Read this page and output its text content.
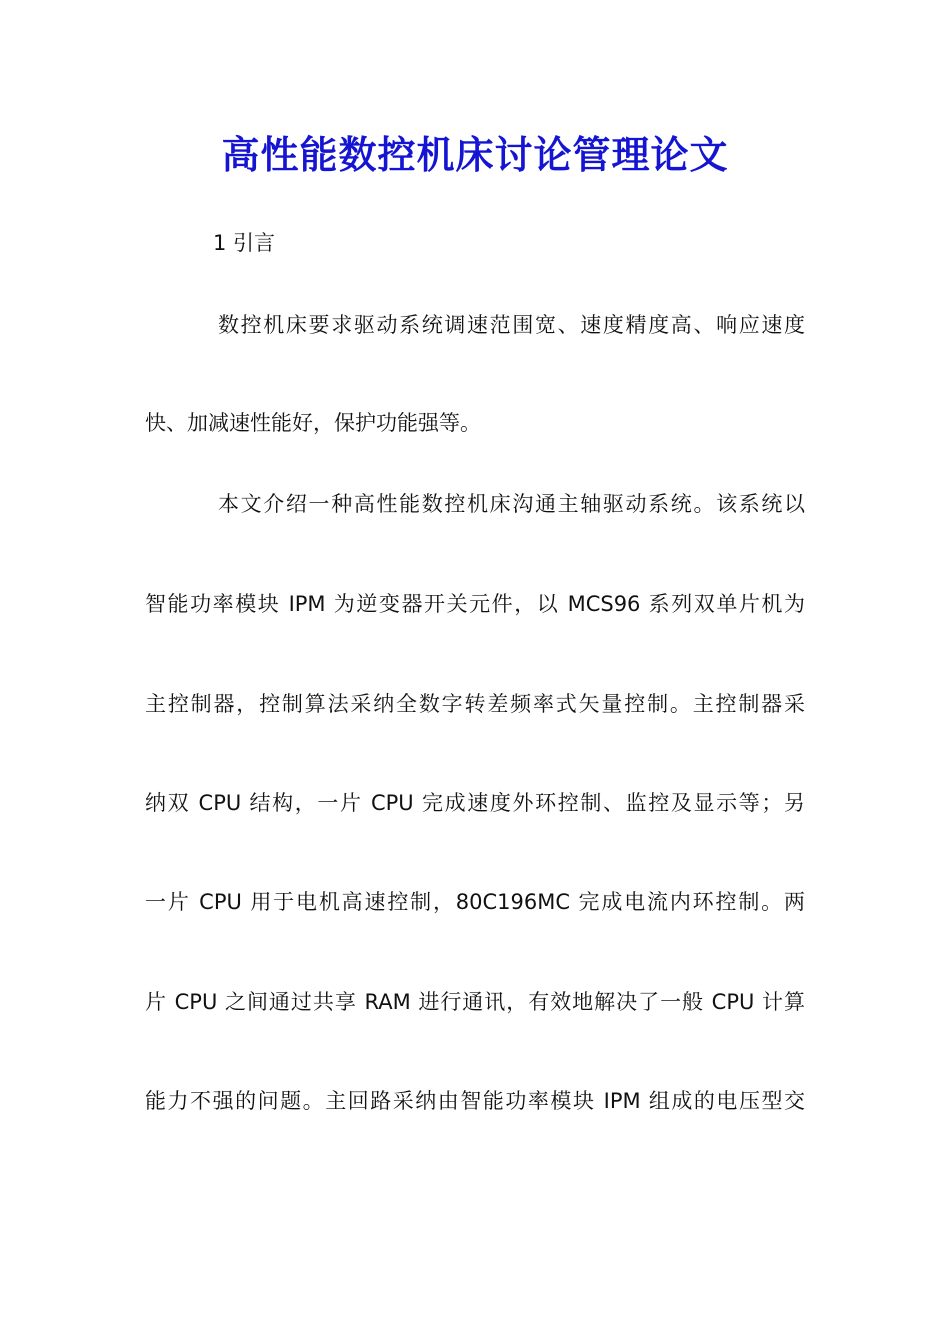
高性能数控机床讨论管理论文
1 引言
数控机床要求驱动系统调速范围宽、速度精度高、响应速度
快、加减速性能好，保护功能强等。
本文介绍一种高性能数控机床沟通主轴驱动系统。该系统以
智能功率模块 IPM 为逆变器开关元件，以 MCS96 系列双单片机为
主控制器，控制算法采纳全数字转差频率式矢量控制。主控制器采
纳双 CPU 结构，一片 CPU 完成速度外环控制、监控及显示等；另
一片 CPU 用于电机高速控制，80C196MC 完成电流内环控制。两
片 CPU 之间通过共享 RAM 进行通讯，有效地解决了一般 CPU 计算
能力不强的问题。主回路采纳由智能功率模块 IPM 组成的电压型交
